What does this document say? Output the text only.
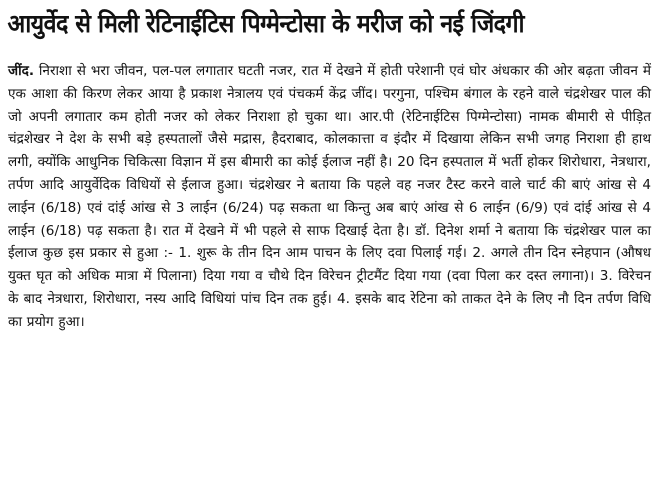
आयुर्वेद से मिली रेटिनाईटिस पिग्मेन्टोसा के मरीज को नई जिंदगी

जींद. निराशा से भरा जीवन, पल-पल लगातार घटती नजर, रात में देखने में होती परेशानी एवं घोर अंधकार की ओर बढ़ता जीवन में एक आशा की किरण लेकर आया है प्रकाश नेत्रालय एवं पंचकर्म केंद्र जींद। परगुना, पश्चिम बंगाल के रहने वाले चंद्रशेखर पाल की जो अपनी लगातार कम होती नजर को लेकर निराशा हो चुका था। आर.पी (रेटिनाईटिस पिग्मेन्टोसा) नामक बीमारी से पीड़ित चंद्रशेखर ने देश के सभी बड़े हस्पतालों जैसे मद्रास, हैदराबाद, कोलकात्ता व इंदौर में दिखाया लेकिन सभी जगह निराशा ही हाथ लगी, क्योंकि आधुनिक चिकित्सा विज्ञान में इस बीमारी का कोई ईलाज नहीं है। 20 दिन हस्पताल में भर्ती होकर शिरोधारा, नेत्रधारा, तर्पण आदि आयुर्वेदिक विधियों से ईलाज हुआ। चंद्रशेखर ने बताया कि पहले वह नजर टैस्ट करने वाले चार्ट की बाएं आंख से 4 लाईन (6/18) एवं दांई आंख से 3 लाईन (6/24) पढ़ सकता था किन्तु अब बाएं आंख से 6 लाईन (6/9) एवं दांई आंख से 4 लाईन (6/18) पढ़ सकता है। रात में देखने में भी पहले से साफ दिखाई देता है। डॉ. दिनेश शर्मा ने बताया कि चंद्रशेखर पाल का ईलाज कुछ इस प्रकार से हुआ :- 1. शुरू के तीन दिन आम पाचन के लिए दवा पिलाई गई। 2. अगले तीन दिन स्नेहपान (औषध युक्त घृत को अधिक मात्रा में पिलाना) दिया गया व चौथे दिन विरेचन ट्रीटमैंट दिया गया (दवा पिला कर दस्त लगाना)। 3. विरेचन के बाद नेत्रधारा, शिरोधारा, नस्य आदि विधियां पांच दिन तक हुई। 4. इसके बाद रेटिना को ताकत देने के लिए नौ दिन तर्पण विधि का प्रयोग हुआ।
